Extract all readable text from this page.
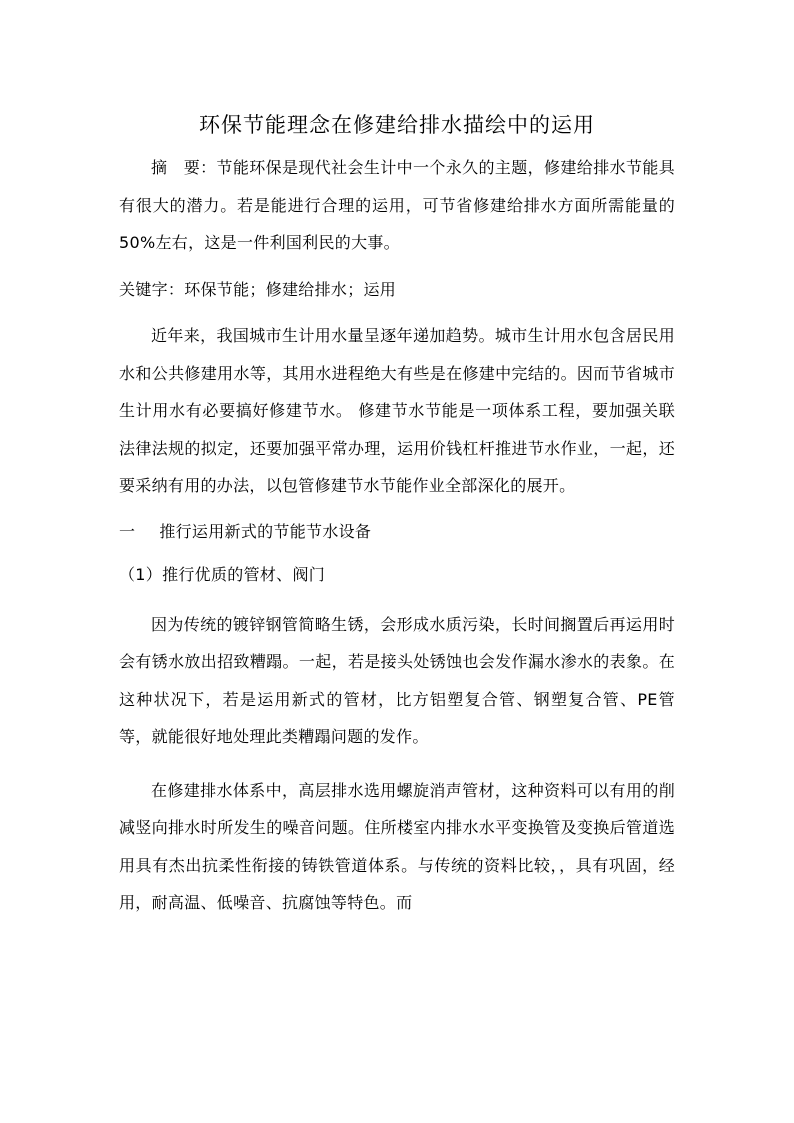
环保节能理念在修建给排水描绘中的运用

摘　要：节能环保是现代社会生计中一个永久的主题，修建给排水节能具有很大的潜力。若是能进行合理的运用，可节省修建给排水方面所需能量的50%左右，这是一件利国利民的大事。

关键字：环保节能；修建给排水；运用

近年来，我国城市生计用水量呈逐年递加趋势。城市生计用水包含居民用水和公共修建用水等，其用水进程绝大有些是在修建中完结的。因而节省城市生计用水有必要搞好修建节水。 修建节水节能是一项体系工程，要加强关联法律法规的拟定，还要加强平常办理，运用价钱杠杆推进节水作业，一起，还要采纳有用的办法，以包管修建节水节能作业全部深化的展开。

一 推行运用新式的节能节水设备

（1）推行优质的管材、阀门

因为传统的镀锌钢管简略生锈，会形成水质污染，长时间搁置后再运用时会有锈水放出招致糟蹋。一起，若是接头处锈蚀也会发作漏水渗水的表象。在这种状况下，若是运用新式的管材，比方铝塑复合管、钢塑复合管、PE管等，就能很好地处理此类糟蹋问题的发作。

在修建排水体系中，高层排水选用螺旋消声管材，这种资料可以有用的削减竖向排水时所发生的噪音问题。住所楼室内排水水平变换管及变换后管道选用具有杰出抗柔性衔接的铸铁管道体系。与传统的资料比较，，具有巩固，经用，耐高温、低噪音、抗腐蚀等特色。而
